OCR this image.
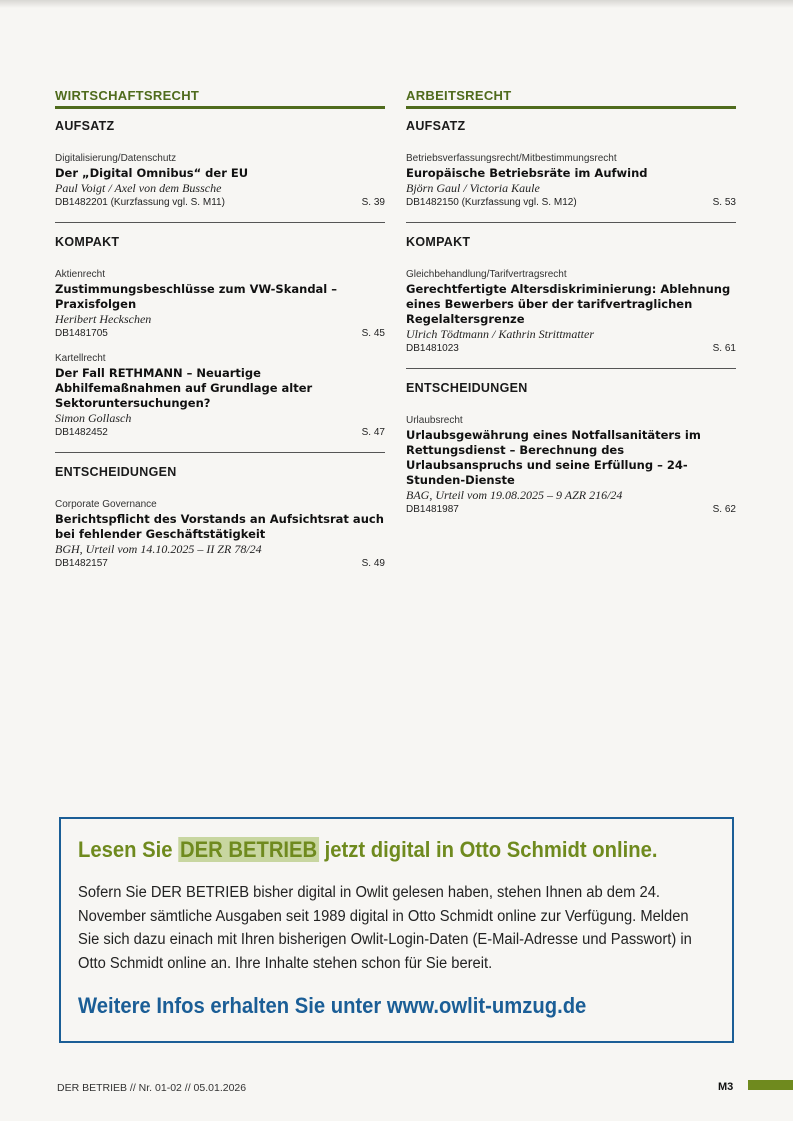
WIRTSCHAFTSRECHT
AUFSATZ
Digitalisierung/Datenschutz
Der „Digital Omnibus“ der EU
Paul Voigt / Axel von dem Bussche
DB1482201 (Kurzfassung vgl. S. M11)	S. 39
KOMPAKT
Aktienrecht
Zustimmungsbeschlüsse zum VW-Skandal – Praxisfolgen
Heribert Heckschen
DB1481705	S. 45
Kartellrecht
Der Fall RETHMANN – Neuartige Abhilfemaßnahmen auf Grundlage alter Sektoruntersuchungen?
Simon Gollasch
DB1482452	S. 47
ENTSCHEIDUNGEN
Corporate Governance
Berichtspflicht des Vorstands an Aufsichtsrat auch bei fehlender Geschäftstätigkeit
BGH, Urteil vom 14.10.2025 – II ZR 78/24
DB1482157	S. 49
ARBEITSRECHT
AUFSATZ
Betriebsverfassungsrecht/Mitbestimmungsrecht
Europäische Betriebsräte im Aufwind
Björn Gaul / Victoria Kaule
DB1482150 (Kurzfassung vgl. S. M12)	S. 53
KOMPAKT
Gleichbehandlung/Tarifvertragsrecht
Gerechtfertigte Altersdiskriminierung: Ablehnung eines Bewerbers über der tarifvertraglichen Regelaltersgrenze
Ulrich Tödtmann / Kathrin Strittmatter
DB1481023	S. 61
ENTSCHEIDUNGEN
Urlaubsrecht
Urlaubsgewährung eines Notfallsanitäters im Rettungsdienst – Berechnung des Urlaubsanspruchs und seine Erfüllung – 24-Stunden-Dienste
BAG, Urteil vom 19.08.2025 – 9 AZR 216/24
DB1481987	S. 62
Lesen Sie DER BETRIEB jetzt digital in Otto Schmidt online.
Sofern Sie DER BETRIEB bisher digital in Owlit gelesen haben, stehen Ihnen ab dem 24. November sämtliche Ausgaben seit 1989 digital in Otto Schmidt online zur Verfügung. Melden Sie sich dazu einach mit Ihren bisherigen Owlit-Login-Daten (E-Mail-Adresse und Passwort) in Otto Schmidt online an. Ihre Inhalte stehen schon für Sie bereit.
Weitere Infos erhalten Sie unter www.owlit-umzug.de
DER BETRIEB // Nr. 01-02 // 05.01.2026	M3
